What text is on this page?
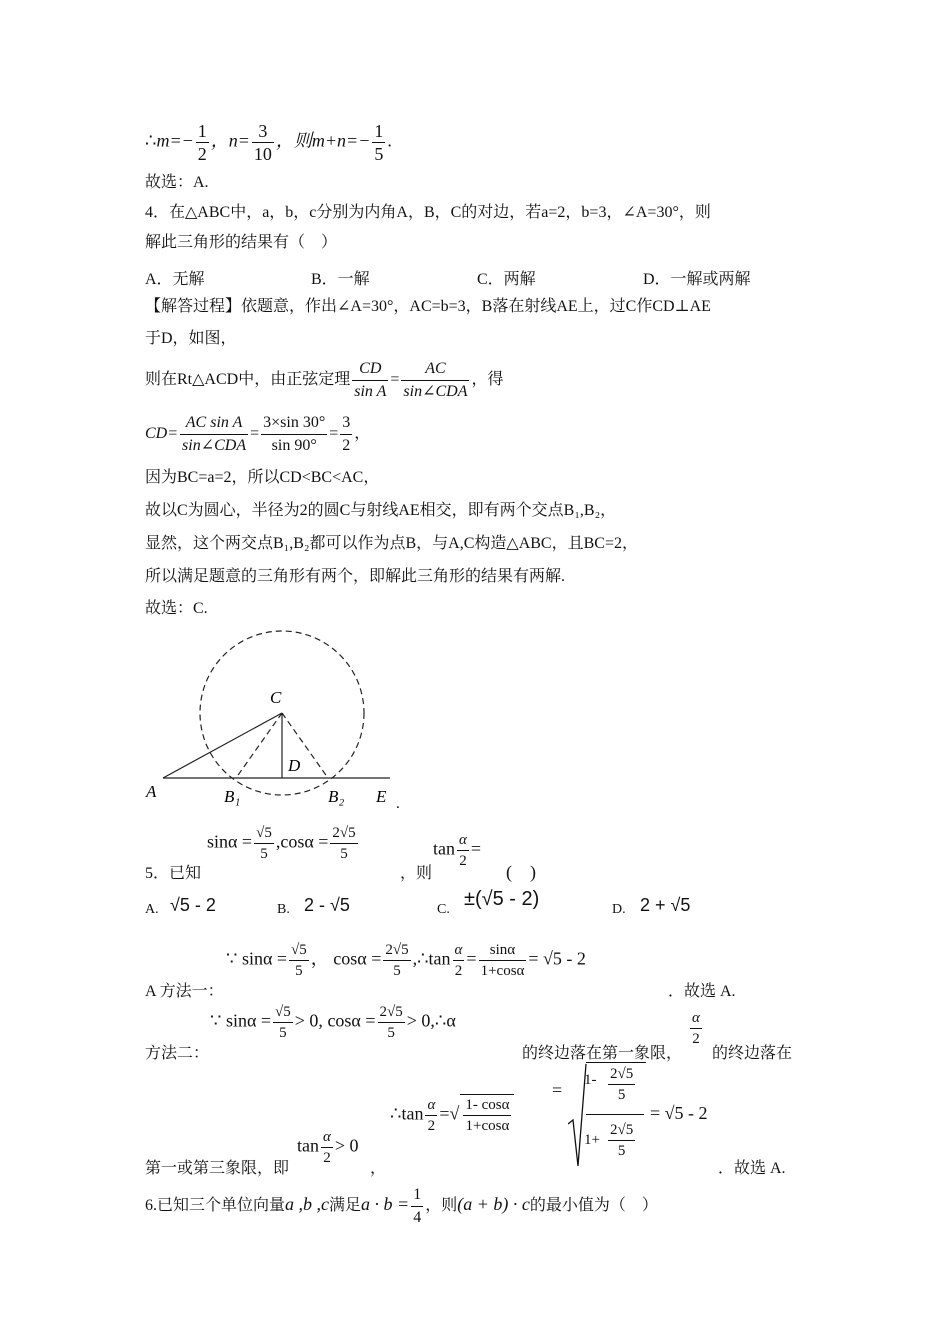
∴m=− $\frac{1}{2}$ ，$n= \frac{3}{10}$ ，则$m+n=- \frac{1}{5}$ .
故选：A.
4．在△ABC中，a，b，c分别为内角A，B，C的对边，若a=2，b=3，∠A=30°，则
解此三角形的结果有（　）
A．无解	B．一解	C．两解	D．一解或两解
【解答过程】依题意，作出∠A=30°，AC=b=3，B落在射线AE上，过C作CD⊥AE
于D，如图，
则在Rt△ACD中，由正弦定理 $\frac{CD}{\text{sin A}} = \frac{AC}{\text{sin∠CDA}}$ ，得
$CD= \frac{\text{AC sin A}}{\text{sin∠CDA}} = \frac{3\times\sin 30^\circ}{\sin 90^\circ} = \frac{3}{2}$ ，
因为BC=a=2，所以CD<BC<AC，
故以C为圆心，半径为2的圆C与射线AE相交，即有两个交点B₁,B₂，
显然，这个两交点B₁,B₂都可以作为点B，与A,C构造△ABC，且BC=2，
所以满足题意的三角形有两个，即解此三角形的结果有两解.
故选：C.
C
D
A	B₁	B₂ E .
5．已知
$\sin\alpha = \frac{√5}{5} ,\cos\alpha = \frac{2√5}{5}$
，则
$\tan \frac{\alpha}{2}$ =
(　)
A. √5 - 2	B. 2 - √5	C. ±(√5 - 2)	D. 2 + √5
A 方法一：
∵ $\sin\alpha = \frac{√5}{5}$ ， $\cos\alpha = \frac{2√5}{5}$ ,∴tan $\frac{\alpha}{2} = \frac{\sin\alpha}{1+\cos\alpha} = √5 - 2$
．故选 A.
方法二：
∵ $\sin\alpha = \frac{√5}{5} > 0$, $\cos\alpha = \frac{2√5}{5}$ > 0,∴α
的终边落在第一象限，
$\frac{\alpha}{2}$
的终边落在
第一或第三象限，即
$\tan \frac{\alpha}{2} > 0$
，
∴tan $\frac{\alpha}{2}$ =√ $\frac{1- \cos\alpha}{1+\cos\alpha}$
= $1- \frac{2√5}{5}$
$1+ \frac{2√5}{5}$
= √5 - 2
．故选 A.
6.已知三个单位向量a ,b ,c满足$a \cdot b = \frac{1}{4}$ ，则(a + b) · c的最小值为（　）
